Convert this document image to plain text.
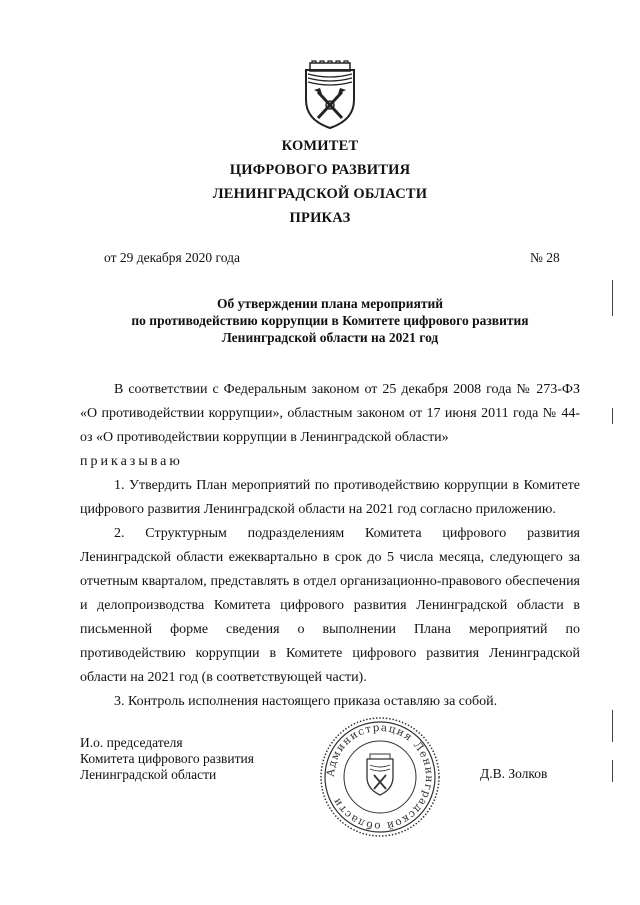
КОМИТЕТ
ЦИФРОВОГО РАЗВИТИЯ
ЛЕНИНГРАДСКОЙ ОБЛАСТИ
ПРИКАЗ
от 29 декабря 2020 года	№ 28
Об утверждении плана мероприятий
по противодействию коррупции в Комитете цифрового развития
Ленинградской области на 2021 год

В соответствии с Федеральным законом от 25 декабря 2008 года № 273-ФЗ «О противодействии коррупции», областным законом от 17 июня 2011 года № 44-оз «О противодействии коррупции в Ленинградской области»

приказываю

1. Утвердить План мероприятий по противодействию коррупции в Комитете цифрового развития Ленинградской области на 2021 год согласно приложению.

2. Структурным подразделениям Комитета цифрового развития Ленинградской области ежеквартально в срок до 5 числа месяца, следующего за отчетным кварталом, представлять в отдел организационно-правового обеспечения и делопроизводства Комитета цифрового развития Ленинградской области в письменной форме сведения о выполнении Плана мероприятий по противодействию коррупции в Комитете цифрового развития Ленинградской области на 2021 год (в соответствующей части).

3. Контроль исполнения настоящего приказа оставляю за собой.

И.о. председателя
Комитета цифрового развития
Ленинградской области	Д.В. Золков
Администрация Ленинградской области
